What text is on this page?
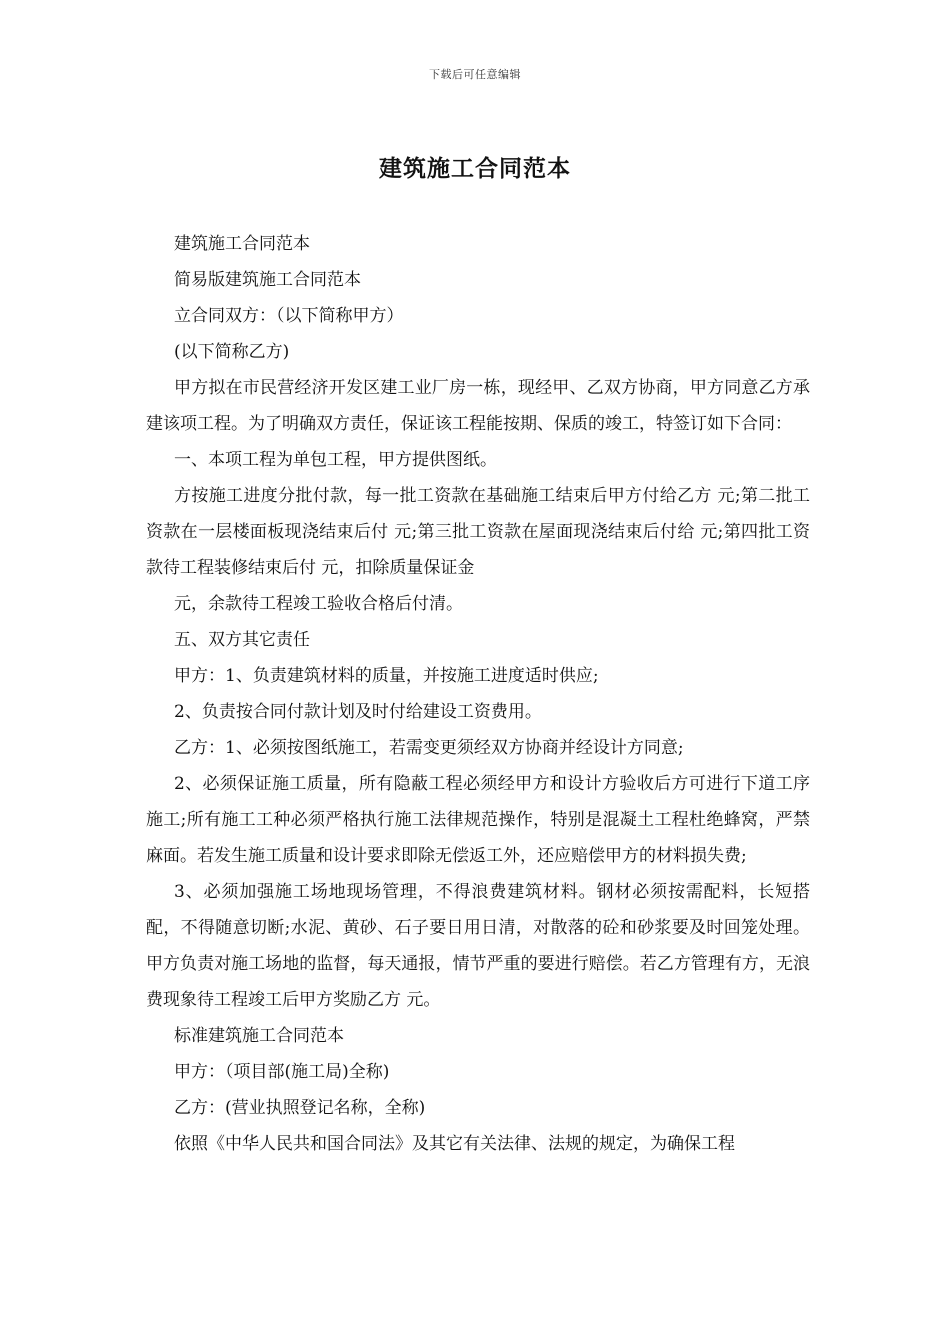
下载后可任意编辑
建筑施工合同范本

建筑施工合同范本

简易版建筑施工合同范本

立合同双方：（以下简称甲方）

(以下简称乙方)

甲方拟在市民营经济开发区建工业厂房一栋，现经甲、乙双方协商，甲方同意乙方承建该项工程。为了明确双方责任，保证该工程能按期、保质的竣工，特签订如下合同：

一、本项工程为单包工程，甲方提供图纸。

方按施工进度分批付款，每一批工资款在基础施工结束后甲方付给乙方 元;第二批工资款在一层楼面板现浇结束后付 元;第三批工资款在屋面现浇结束后付给 元;第四批工资款待工程装修结束后付 元，扣除质量保证金

元，余款待工程竣工验收合格后付清。

五、双方其它责任

甲方：1、负责建筑材料的质量，并按施工进度适时供应;

2、负责按合同付款计划及时付给建设工资费用。

乙方：1、必须按图纸施工，若需变更须经双方协商并经设计方同意;

2、必须保证施工质量，所有隐蔽工程必须经甲方和设计方验收后方可进行下道工序施工;所有施工工种必须严格执行施工法律规范操作，特别是混凝土工程杜绝蜂窝，严禁麻面。若发生施工质量和设计要求即除无偿返工外，还应赔偿甲方的材料损失费;

3、必须加强施工场地现场管理，不得浪费建筑材料。钢材必须按需配料，长短搭配，不得随意切断;水泥、黄砂、石子要日用日清，对散落的砼和砂浆要及时回笼处理。甲方负责对施工场地的监督，每天通报，情节严重的要进行赔偿。若乙方管理有方，无浪费现象待工程竣工后甲方奖励乙方 元。

标准建筑施工合同范本

甲方：（项目部(施工局)全称)

乙方：(营业执照登记名称，全称)

依照《中华人民共和国合同法》及其它有关法律、法规的规定，为确保工程
